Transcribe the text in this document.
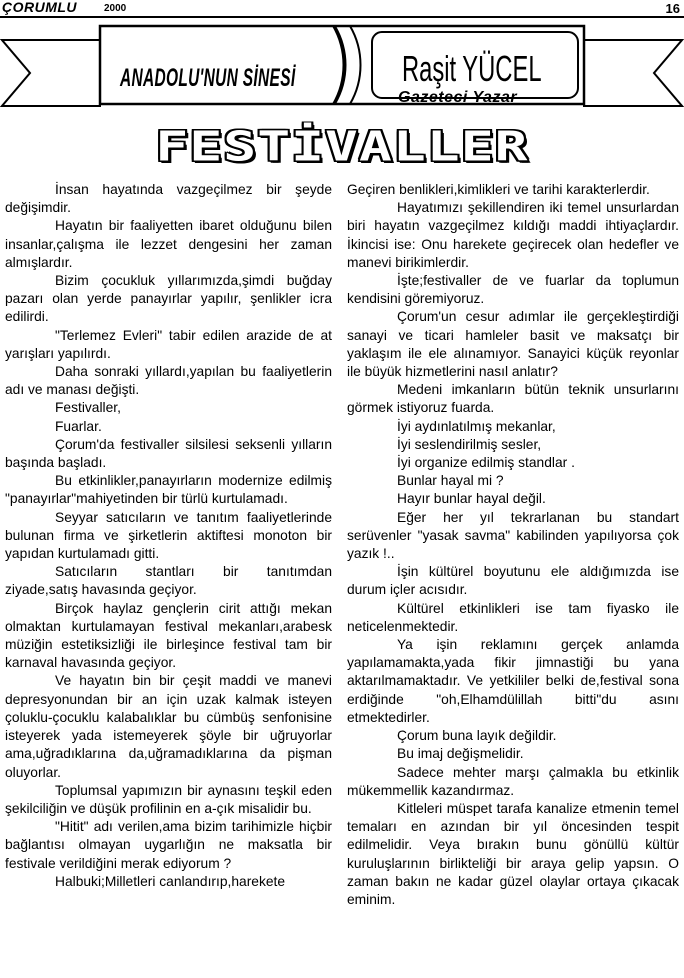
ÇORUMLU	2000	16
ANADOLU'NUN SİNESİ	Raşit YÜCEL
Gazeteci Yazar
FESTİVALLER

İnsan hayatında vazgeçilmez bir şeyde değişimdir.

Hayatın bir faaliyetten ibaret olduğunu bilen insanlar,çalışma ile lezzet dengesini her zaman almışlardır.

Bizim çocukluk yıllarımızda,şimdi buğday pazarı olan yerde panayırlar yapılır, şenlikler icra edilirdi.

"Terlemez Evleri" tabir edilen arazide de at yarışları yapılırdı.

Daha sonraki yıllardı,yapılan bu faaliyetlerin adı ve manası değişti.

Festivaller,

Fuarlar.

Çorum'da festivaller silsilesi seksenli yılların başında başladı.

Bu etkinlikler,panayırların modernize edilmiş "panayırlar"mahiyetinden bir türlü kurtulamadı.

Seyyar satıcıların ve tanıtım faaliyetlerinde bulunan firma ve şirketlerin aktiftesi monoton bir yapıdan kurtulamadı gitti.

Satıcıların stantları bir tanıtımdan ziyade,satış havasında geçiyor.

Birçok haylaz gençlerin cirit attığı mekan olmaktan kurtulamayan festival mekanları,arabesk müziğin estetiksizliği ile birleşince festival tam bir karnaval havasında geçiyor.

Ve hayatın bin bir çeşit maddi ve manevi depresyonundan bir an için uzak kalmak isteyen çoluklu-çocuklu kalabalıklar bu cümbüş senfonisine isteyerek yada istemeyerek şöyle bir uğruyorlar ama,uğradıklarına da,uğramadıklarına da pişman oluyorlar.

Toplumsal yapımızın bir aynasını teşkil eden şekilciliğin ve düşük profilinin en a-çık misalidir bu.

"Hitit" adı verilen,ama bizim tarihimizle hiçbir bağlantısı olmayan uygarlığın ne maksatla bir festivale verildiğini merak ediyorum ?

Halbuki;Milletleri canlandırıp,harekete

Geçiren benlikleri,kimlikleri ve tarihi karakterlerdir.

Hayatımızı şekillendiren iki temel unsurlardan biri hayatın vazgeçilmez kıldığı maddi ihtiyaçlardır. İkincisi ise: Onu harekete geçirecek olan hedefler ve manevi birikimlerdir.

İşte;festivaller de ve fuarlar da toplumun kendisini göremiyoruz.

Çorum'un cesur adımlar ile gerçekleştirdiği sanayi ve ticari hamleler basit ve maksatçı bir yaklaşım ile ele alınamıyor. Sanayici küçük reyonlar ile büyük hizmetlerini nasıl anlatır?

Medeni imkanların bütün teknik unsurlarını görmek istiyoruz fuarda.

İyi aydınlatılmış mekanlar,

İyi seslendirilmiş sesler,

İyi organize edilmiş standlar .

Bunlar hayal mi ?

Hayır bunlar hayal değil.

Eğer her yıl tekrarlanan bu standart serüvenler "yasak savma" kabilinden yapılıyorsa çok yazık !..

İşin kültürel boyutunu ele aldığımızda ise durum içler acısıdır.

Kültürel etkinlikleri ise tam fiyasko ile neticelenmektedir.

Ya işin reklamını gerçek anlamda yapılamamakta,yada fikir jimnastiği bu yana aktarılmamaktadır. Ve yetkililer belki de,festival sona erdiğinde "oh,Elhamdülillah bitti"du asını etmektedirler.

Çorum buna layık değildir.

Bu imaj değişmelidir.

Sadece mehter marşı çalmakla bu etkinlik mükemmellik kazandırmaz.

Kitleleri müspet tarafa kanalize etmenin temel temaları en azından bir yıl öncesinden tespit edilmelidir. Veya bırakın bunu gönüllü kültür kuruluşlarının birlikteliği bir araya gelip yapsın. O zaman bakın ne kadar güzel olaylar ortaya çıkacak eminim.
